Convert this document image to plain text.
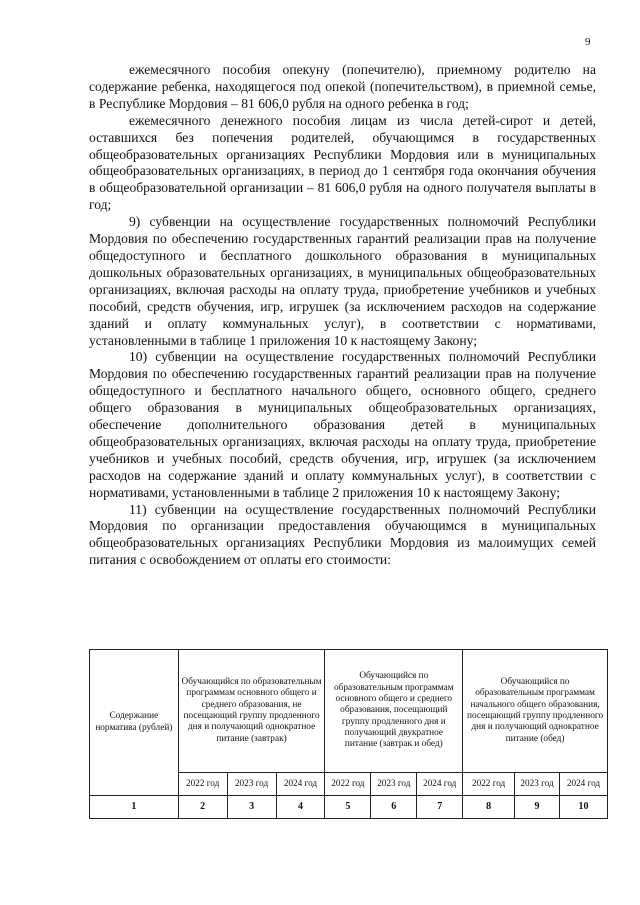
9

ежемесячного пособия опекуну (попечителю), приемному родителю на содержание ребенка, находящегося под опекой (попечительством), в приемной семье, в Республике Мордовия – 81 606,0 рубля на одного ребенка в год;

ежемесячного денежного пособия лицам из числа детей-сирот и детей, оставшихся без попечения родителей, обучающимся в государственных общеобразовательных организациях Республики Мордовия или в муниципальных общеобразовательных организациях, в период до 1 сентября года окончания обучения в общеобразовательной организации – 81 606,0 рубля на одного получателя выплаты в год;

9) субвенции на осуществление государственных полномочий Республики Мордовия по обеспечению государственных гарантий реализации прав на получение общедоступного и бесплатного дошкольного образования в муниципальных дошкольных образовательных организациях, в муниципальных общеобразовательных организациях, включая расходы на оплату труда, приобретение учебников и учебных пособий, средств обучения, игр, игрушек (за исключением расходов на содержание зданий и оплату коммунальных услуг), в соответствии с нормативами, установленными в таблице 1 приложения 10 к настоящему Закону;

10) субвенции на осуществление государственных полномочий Республики Мордовия по обеспечению государственных гарантий реализации прав на получение общедоступного и бесплатного начального общего, основного общего, среднего общего образования в муниципальных общеобразовательных организациях, обеспечение дополнительного образования детей в муниципальных общеобразовательных организациях, включая расходы на оплату труда, приобретение учебников и учебных пособий, средств обучения, игр, игрушек (за исключением расходов на содержание зданий и оплату коммунальных услуг), в соответствии с нормативами, установленными в таблице 2 приложения 10 к настоящему Закону;

11) субвенции на осуществление государственных полномочий Республики Мордовия по организации предоставления обучающимся в муниципальных общеобразовательных организациях Республики Мордовия из малоимущих семей питания с освобождением от оплаты его стоимости:

Содержание норматива (рублей)	Обучающийся по образовательным программам основного общего и среднего образования, не посещающий группу продленного дня и получающий однократное питание (завтрак)			Обучающийся по образовательным программам основного общего и среднего образования, посещающий группу продленного дня и получающий двукратное питание (завтрак и обед)			Обучающийся по образовательным программам начального общего образования, посещающий группу продленного дня и получающий однократное питание (обед)		
	2022 год	2023 год	2024 год	2022 год	2023 год	2024 год	2022 год	2023 год	2024 год
1	2	3	4	5	6	7	8	9	10
